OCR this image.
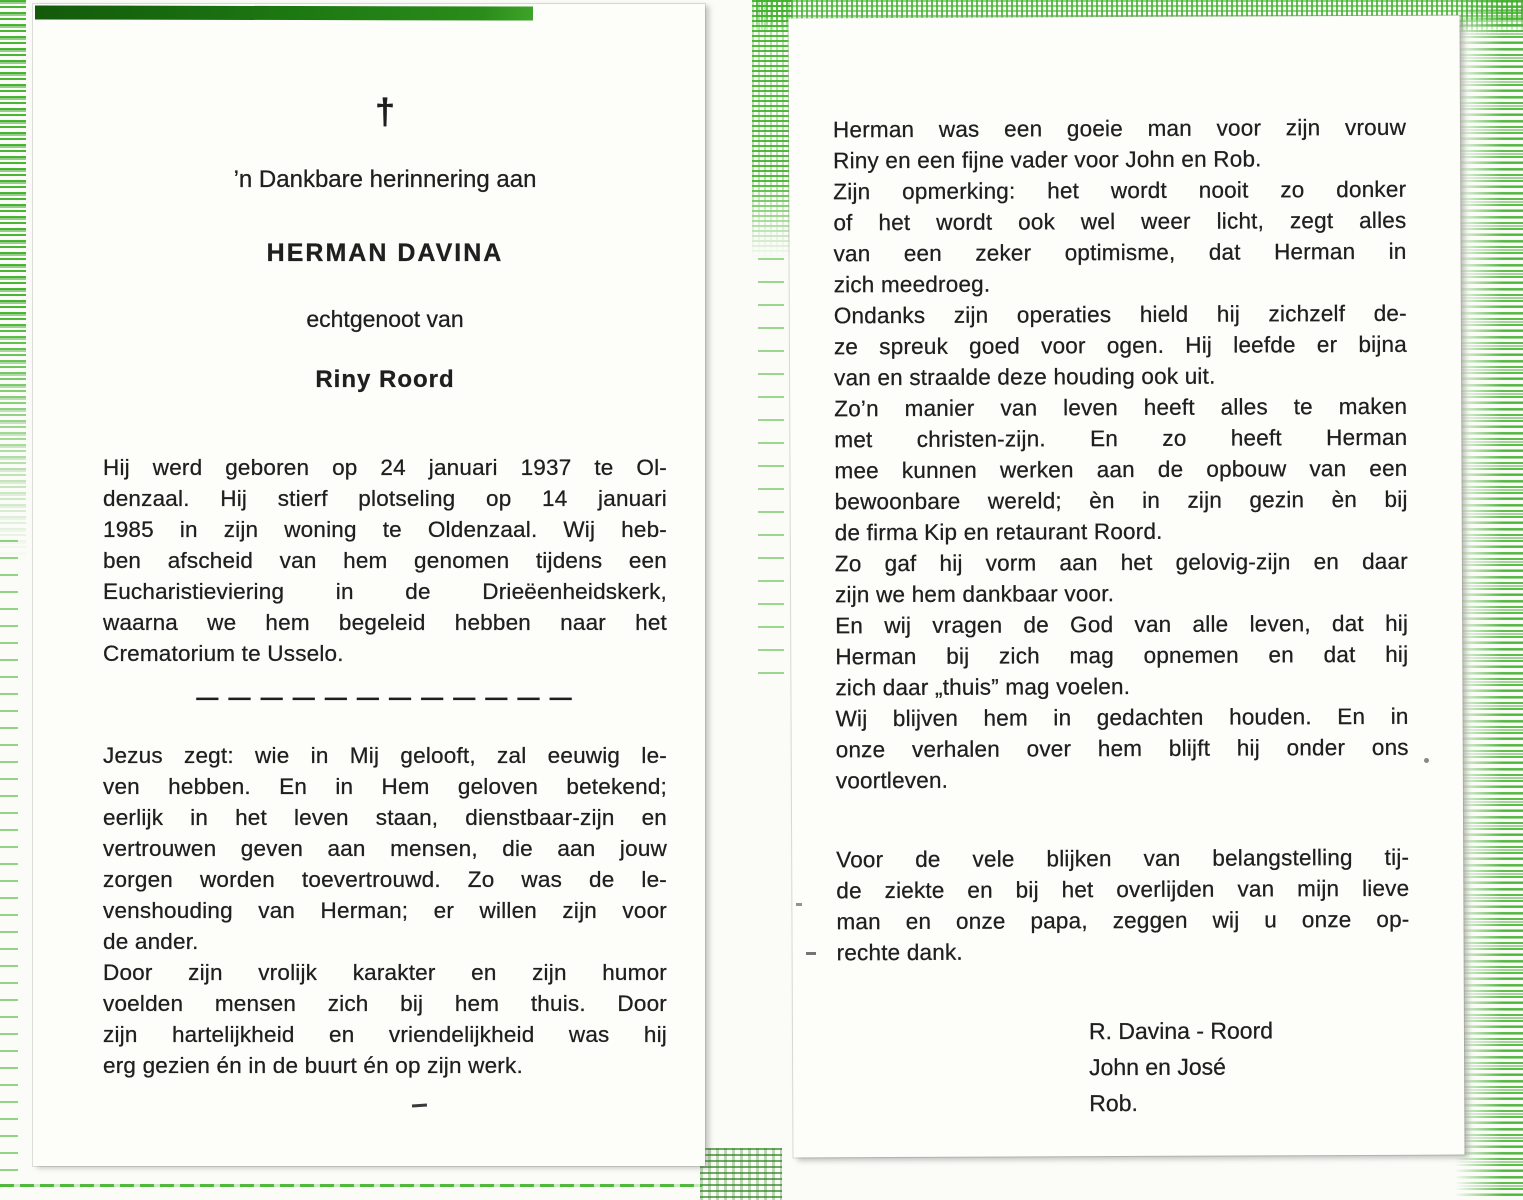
†
’n Dankbare herinnering aan
HERMAN DAVINA
echtgenoot van
Riny Roord
Hij werd geboren op 24 januari 1937 te Ol-
denzaal. Hij stierf plotseling op 14 januari
1985 in zijn woning te Oldenzaal. Wij heb-
ben afscheid van hem genomen tijdens een
Eucharistieviering in de Drieëenheidskerk,
waarna we hem begeleid hebben naar het
Crematorium te Usselo.
— — — — — — — — — — — —
Jezus zegt: wie in Mij gelooft, zal eeuwig le-
ven hebben. En in Hem geloven betekend;
eerlijk in het leven staan, dienstbaar-zijn en
vertrouwen geven aan mensen, die aan jouw
zorgen worden toevertrouwd. Zo was de le-
venshouding van Herman; er willen zijn voor
de ander.
Door zijn vrolijk karakter en zijn humor
voelden mensen zich bij hem thuis. Door
zijn hartelijkheid en vriendelijkheid was hij
erg gezien én in de buurt én op zijn werk.
Herman was een goeie man voor zijn vrouw
Riny en een fijne vader voor John en Rob.
Zijn opmerking: het wordt nooit zo donker
of het wordt ook wel weer licht, zegt alles
van een zeker optimisme, dat Herman in
zich meedroeg.
Ondanks zijn operaties hield hij zichzelf de-
ze spreuk goed voor ogen. Hij leefde er bijna
van en straalde deze houding ook uit.
Zo’n manier van leven heeft alles te maken
met christen-zijn. En zo heeft Herman
mee kunnen werken aan de opbouw van een
bewoonbare wereld; èn in zijn gezin èn bij
de firma Kip en retaurant Roord.
Zo gaf hij vorm aan het gelovig-zijn en daar
zijn we hem dankbaar voor.
En wij vragen de God van alle leven, dat hij
Herman bij zich mag opnemen en dat hij
zich daar „thuis” mag voelen.
Wij blijven hem in gedachten houden. En in
onze verhalen over hem blijft hij onder ons
voortleven.
Voor de vele blijken van belangstelling tij-
de ziekte en bij het overlijden van mijn lieve
man en onze papa, zeggen wij u onze op-
rechte dank.
R. Davina - Roord
John en José
Rob.
